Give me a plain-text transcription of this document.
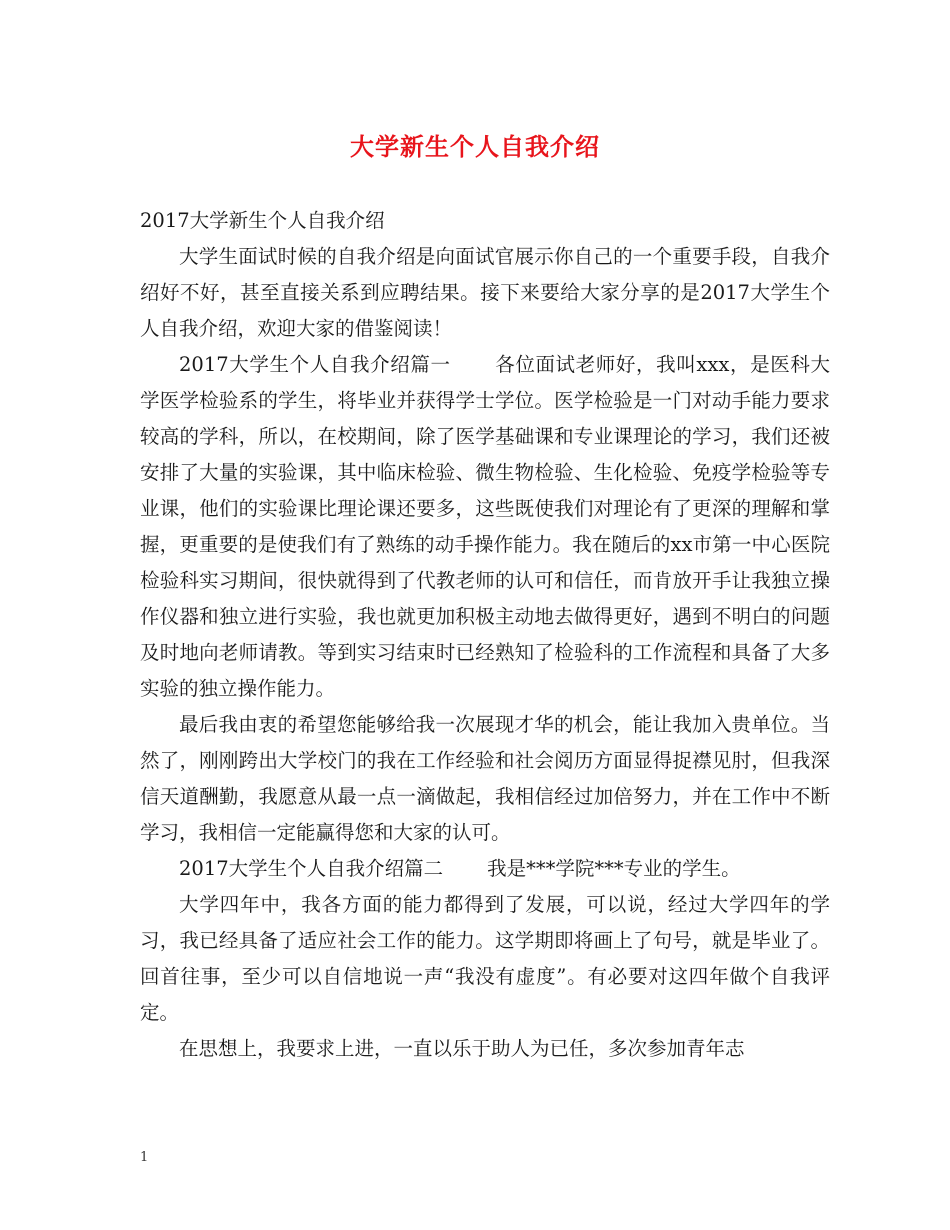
大学新生个人自我介绍

2017大学新生个人自我介绍

大学生面试时候的自我介绍是向面试官展示你自己的一个重要手段，自我介绍好不好，甚至直接关系到应聘结果。接下来要给大家分享的是2017大学生个人自我介绍，欢迎大家的借鉴阅读！

2017大学生个人自我介绍篇一 各位面试老师好，我叫xxx，是医科大学医学检验系的学生，将毕业并获得学士学位。医学检验是一门对动手能力要求较高的学科，所以，在校期间，除了医学基础课和专业课理论的学习，我们还被安排了大量的实验课，其中临床检验、微生物检验、生化检验、免疫学检验等专业课，他们的实验课比理论课还要多，这些既使我们对理论有了更深的理解和掌握，更重要的是使我们有了熟练的动手操作能力。我在随后的xx市第一中心医院检验科实习期间，很快就得到了代教老师的认可和信任，而肯放开手让我独立操作仪器和独立进行实验，我也就更加积极主动地去做得更好，遇到不明白的问题及时地向老师请教。等到实习结束时已经熟知了检验科的工作流程和具备了大多实验的独立操作能力。

最后我由衷的希望您能够给我一次展现才华的机会，能让我加入贵单位。当然了，刚刚跨出大学校门的我在工作经验和社会阅历方面显得捉襟见肘，但我深信天道酬勤，我愿意从最一点一滴做起，我相信经过加倍努力，并在工作中不断学习，我相信一定能赢得您和大家的认可。

2017大学生个人自我介绍篇二 我是***学院***专业的学生。

大学四年中，我各方面的能力都得到了发展，可以说，经过大学四年的学习，我已经具备了适应社会工作的能力。这学期即将画上了句号，就是毕业了。回首往事，至少可以自信地说一声“我没有虚度”。有必要对这四年做个自我评定。

在思想上，我要求上进，一直以乐于助人为已任，多次参加青年志

1
